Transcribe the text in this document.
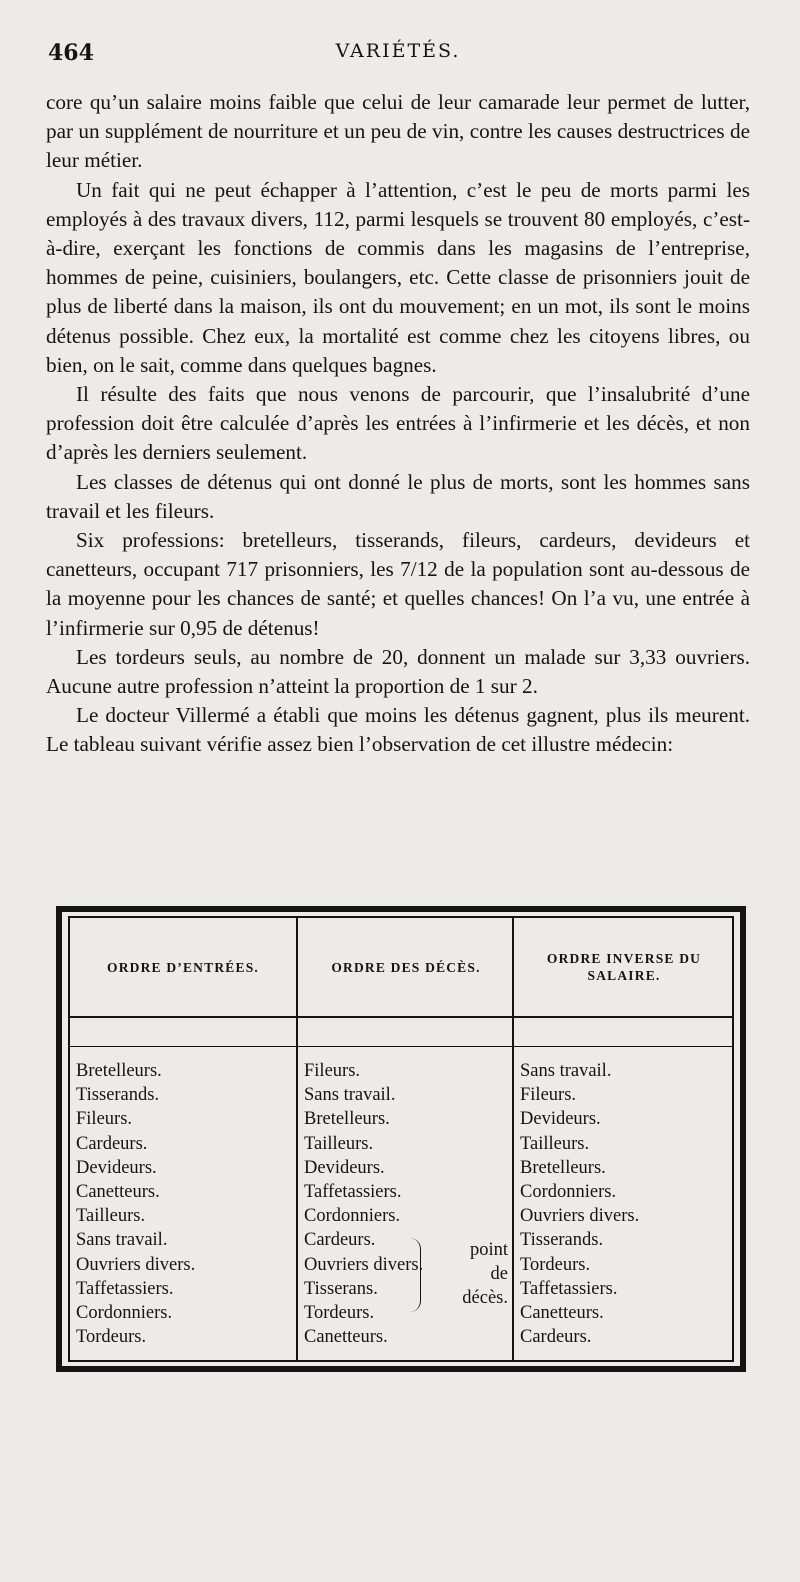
464	VARIÉTÉS.

core qu’un salaire moins faible que celui de leur camarade leur permet de lutter, par un supplément de nourriture et un peu de vin, contre les causes destructrices de leur métier.

Un fait qui ne peut échapper à l’attention, c’est le peu de morts parmi les employés à des travaux divers, 112, parmi lesquels se trouvent 80 employés, c’est-à-dire, exerçant les fonctions de commis dans les magasins de l’entreprise, hommes de peine, cuisiniers, boulangers, etc. Cette classe de prisonniers jouit de plus de liberté dans la maison, ils ont du mouvement; en un mot, ils sont le moins détenus possible. Chez eux, la mortalité est comme chez les citoyens libres, ou bien, on le sait, comme dans quelques bagnes.

Il résulte des faits que nous venons de parcourir, que l’insalubrité d’une profession doit être calculée d’après les entrées à l’infirmerie et les décès, et non d’après les derniers seulement.

Les classes de détenus qui ont donné le plus de morts, sont les hommes sans travail et les fileurs.

Six professions: bretelleurs, tisserands, fileurs, cardeurs, devideurs et canetteurs, occupant 717 prisonniers, les 7/12 de la population sont au-dessous de la moyenne pour les chances de santé; et quelles chances! On l’a vu, une entrée à l’infirmerie sur 0,95 de détenus!

Les tordeurs seuls, au nombre de 20, donnent un malade sur 3,33 ouvriers. Aucune autre profession n’atteint la proportion de 1 sur 2.

Le docteur Villermé a établi que moins les détenus gagnent, plus ils meurent. Le tableau suivant vérifie assez bien l’observation de cet illustre médecin:

ORDRE D’ENTRÉES.
Bretelleurs.
Tisserands.
Fileurs.
Cardeurs.
Devideurs.
Canetteurs.
Tailleurs.
Sans travail.
Ouvriers divers.
Taffetassiers.
Cordonniers.
Tordeurs.
ORDRE DES DÉCÈS.
Fileurs.
Sans travail.
Bretelleurs.
Tailleurs.
Devideurs.
Taffetassiers.
Cordonniers.
Cardeurs.
Ouvriers divers.
Tisserans.
Tordeurs.
Canetteurs.
point
de
décès.
ORDRE INVERSE DU SALAIRE.
Sans travail.
Fileurs.
Devideurs.
Tailleurs.
Bretelleurs.
Cordonniers.
Ouvriers divers.
Tisserands.
Tordeurs.
Taffetassiers.
Canetteurs.
Cardeurs.
